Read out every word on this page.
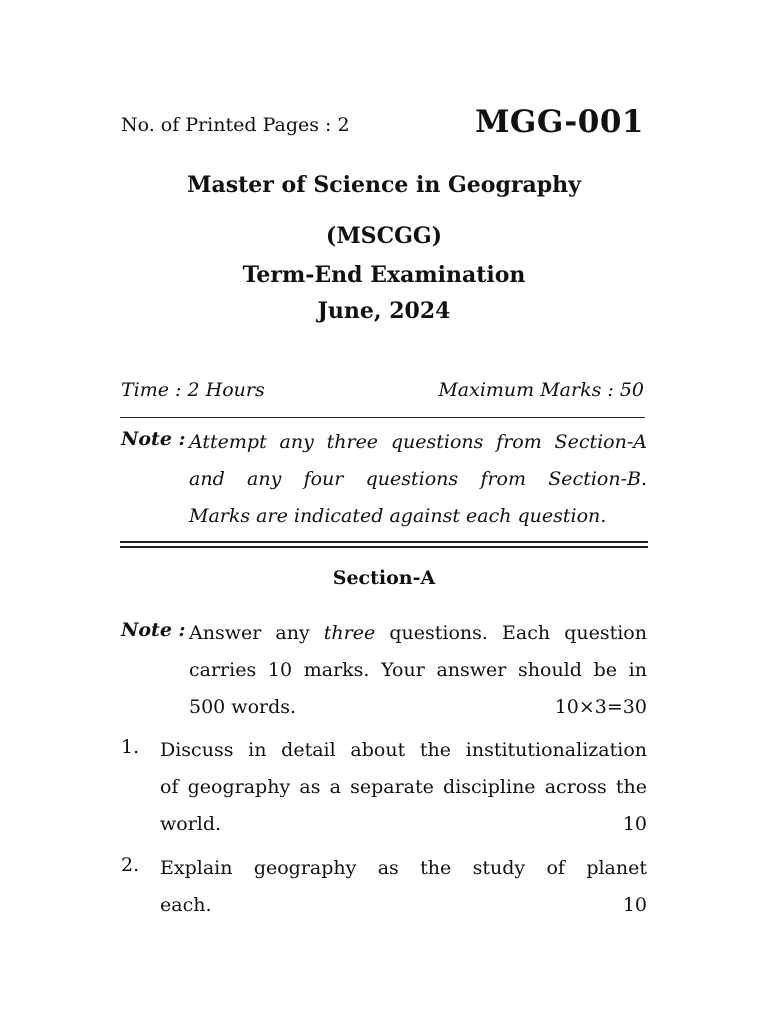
No. of Printed Pages : 2	MGG-001
Master of Science in Geography
(MSCGG)
Term-End Examination
June, 2024
Time : 2 Hours	Maximum Marks : 50
Note : Attempt any three questions from Section-A
and any four questions from Section-B.
Marks are indicated against each question.
Section-A
Note : Answer any three questions. Each question
carries 10 marks. Your answer should be in
500 words.	10×3=30
1. Discuss in detail about the institutionalization
of geography as a separate discipline across the
world.	10
2. Explain geography as the study of planet
each.	10
